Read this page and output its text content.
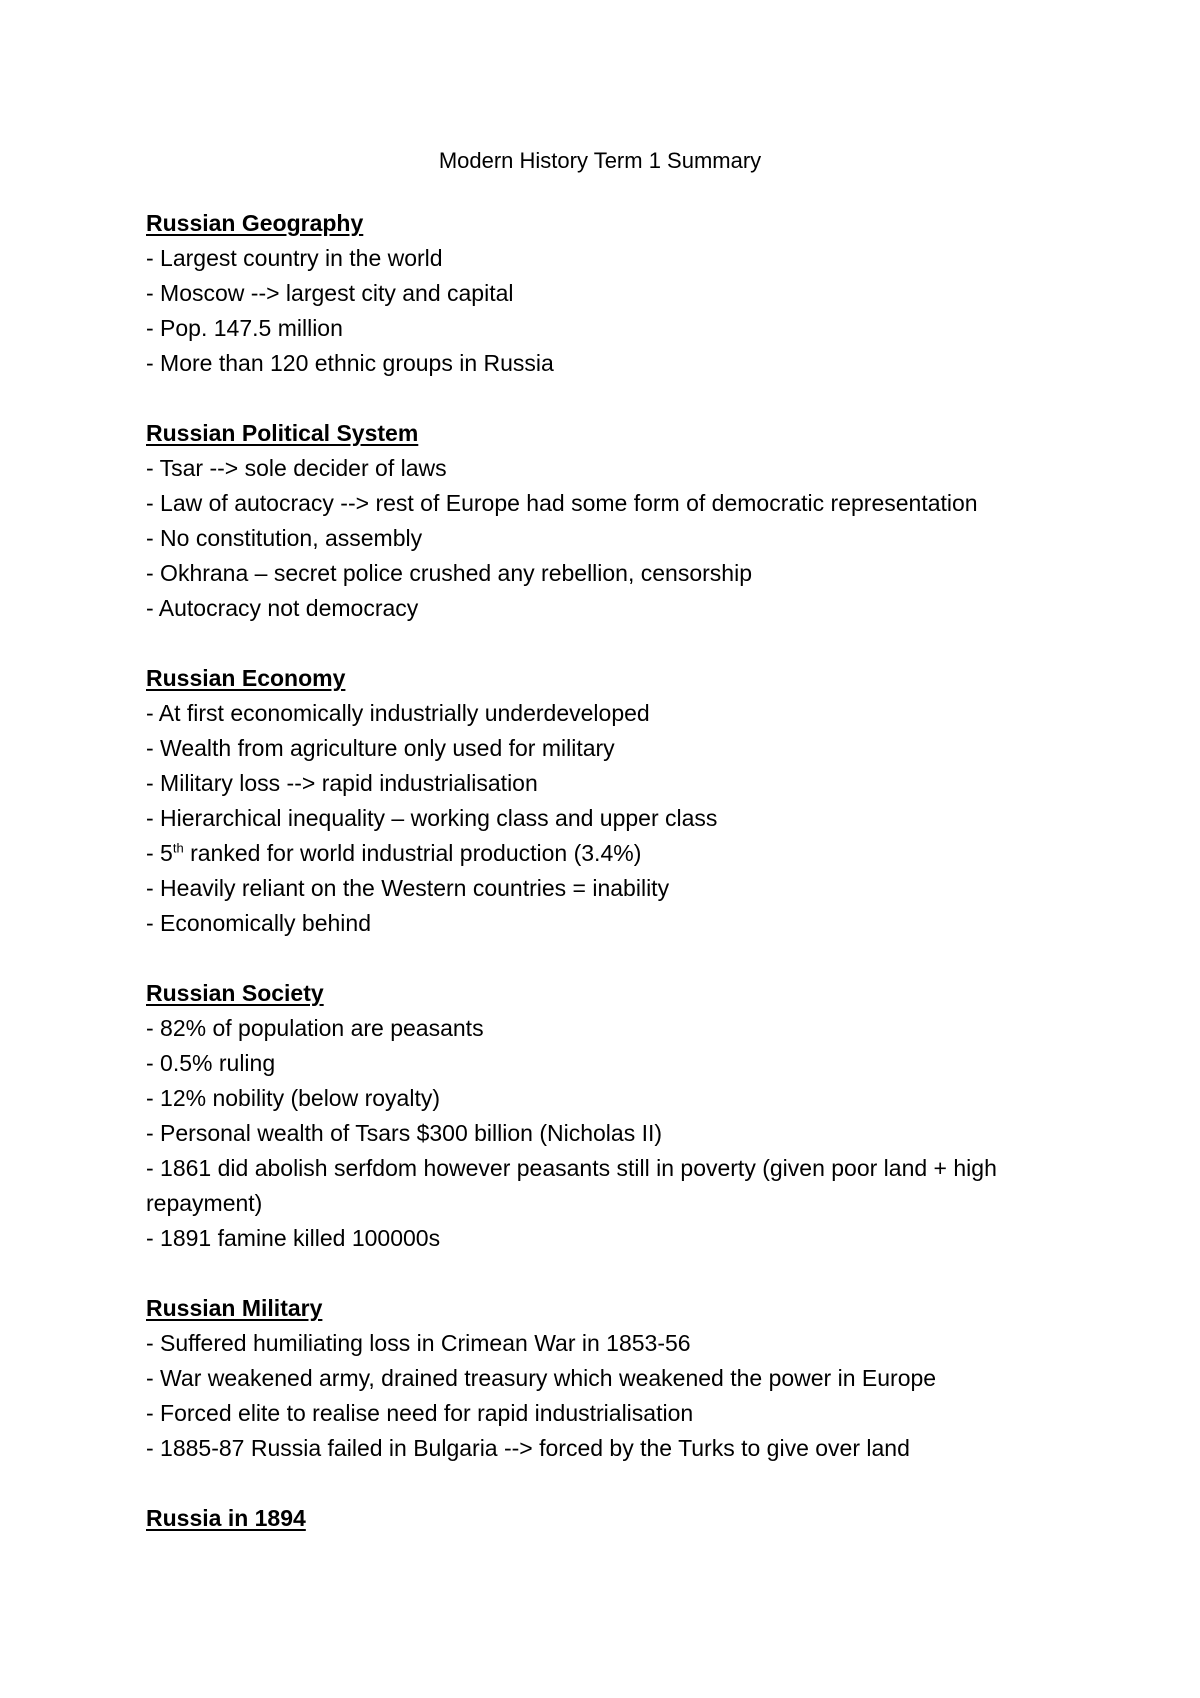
Modern History Term 1 Summary

Russian Geography

- Largest country in the world

- Moscow --> largest city and capital

- Pop. 147.5 million

- More than 120 ethnic groups in Russia

Russian Political System

- Tsar --> sole decider of laws

- Law of autocracy --> rest of Europe had some form of democratic representation

- No constitution, assembly

- Okhrana – secret police crushed any rebellion, censorship

- Autocracy not democracy

Russian Economy

- At first economically industrially underdeveloped

- Wealth from agriculture only used for military

- Military loss --> rapid industrialisation

- Hierarchical inequality – working class and upper class

- 5th ranked for world industrial production (3.4%)

- Heavily reliant on the Western countries = inability

- Economically behind

Russian Society

- 82% of population are peasants

- 0.5% ruling

- 12% nobility (below royalty)

- Personal wealth of Tsars $300 billion (Nicholas II)

- 1861 did abolish serfdom however peasants still in poverty (given poor land + high repayment)

- 1891 famine killed 100000s

Russian Military

- Suffered humiliating loss in Crimean War in 1853-56

- War weakened army, drained treasury which weakened the power in Europe

- Forced elite to realise need for rapid industrialisation

- 1885-87 Russia failed in Bulgaria --> forced by the Turks to give over land

Russia in 1894
